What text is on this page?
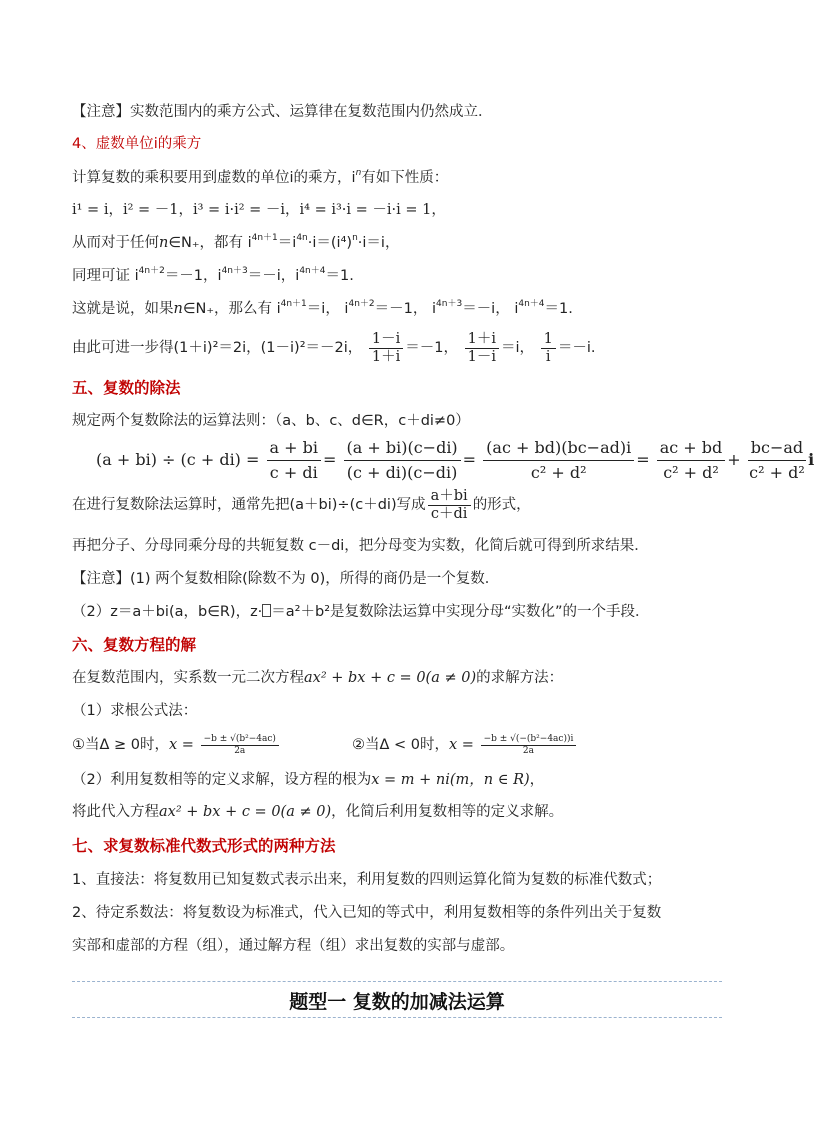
【注意】实数范围内的乘方公式、运算律在复数范围内仍然成立．
4、虚数单位i的乘方
计算复数的乘积要用到虚数的单位i的乘方，$i^n$有如下性质：
i¹ = i，i² = －1，i³ = i·i² = －i，i⁴ = i³·i = －i·i = 1，
从而对于任何n∈N₊，都有 $i^{4n+1}=i^{4n}\cdot i=(i^4)^n\cdot i=i$，
同理可证 $i^{4n+2}=-1$，$i^{4n+3}=-i$，$i^{4n+4}=1$.
这就是说，如果n∈N₊，那么有 $i^{4n+1}=i$， $i^{4n+2}=-1$， $i^{4n+3}=-i$， $i^{4n+4}=1$.
由此可进一步得(1＋i)²＝2i，(1－i)²＝－2i， $\frac{1-i}{1+i} =-1$， $\frac{1+i}{1-i} =i$， $\frac{1}{i} =-i$.
五、复数的除法
规定两个复数除法的运算法则：（a、b、c、d∈R，c＋di≠0）
$(a + bi) \div (c + di) = \frac{a + bi}{c + di} = \frac{(a + bi)(c-di)}{(c + di)(c-di)} = \frac{(ac + bd)(bc-ad)i}{\text{c² + d²}} = \frac{ac + bd}{\text{c² + d²}} + \frac{bc-ad}{\text{c² + d²}}$ i
在进行复数除法运算时，通常先把(a＋bi)÷(c＋di)写成 $\frac{a+bi}{c+di}$ 的形式，
再把分子、分母同乘分母的共轭复数 c－di，把分母变为实数，化简后就可得到所求结果．
【注意】(1) 两个复数相除(除数不为 0)，所得的商仍是一个复数．
（2）z＝a＋bi(a，b∈R)，z· ＝a²＋b²是复数除法运算中实现分母“实数化”的一个手段．
六、复数方程的解
在复数范围内，实系数一元二次方程ax² + bx + c = 0(a ≠ 0)的求解方法：
（1）求根公式法：
①当Δ ≥ 0时，$x = \frac{\text{−b ± √(b²−4ac)}}{2a}$	②当Δ < 0时，$x = \frac{\text{−b ± √(−(b²−4ac))i}}{2a}$
（2）利用复数相等的定义求解，设方程的根为x = m + ni(m，n ∈ R)，
将此代入方程ax² + bx + c = 0(a ≠ 0)，化简后利用复数相等的定义求解。
七、求复数标准代数式形式的两种方法
1、直接法：将复数用已知复数式表示出来，利用复数的四则运算化简为复数的标准代数式；
2、待定系数法：将复数设为标准式，代入已知的等式中，利用复数相等的条件列出关于复数
实部和虚部的方程（组），通过解方程（组）求出复数的实部与虚部。
题型一 复数的加减法运算
